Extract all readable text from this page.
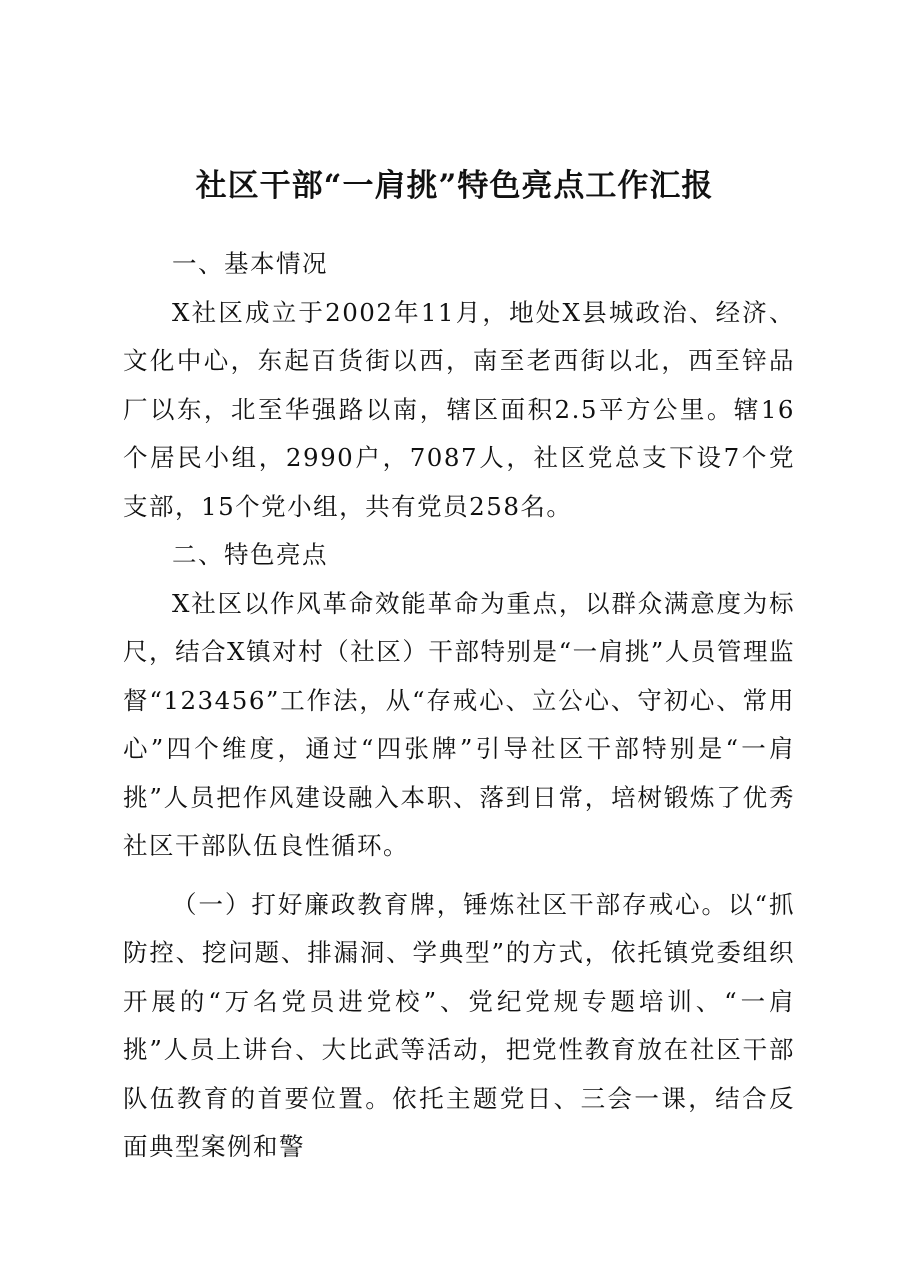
社区干部“一肩挑”特色亮点工作汇报

一、基本情况

X社区成立于2002年11月，地处X县城政治、经济、文化中心，东起百货街以西，南至老西街以北，西至锌品厂以东，北至华强路以南，辖区面积2.5平方公里。辖16个居民小组，2990户，7087人，社区党总支下设7个党支部，15个党小组，共有党员258名。

二、特色亮点

X社区以作风革命效能革命为重点，以群众满意度为标尺，结合X镇对村（社区）干部特别是“一肩挑”人员管理监督“123456”工作法，从“存戒心、立公心、守初心、常用心”四个维度，通过“四张牌”引导社区干部特别是“一肩挑”人员把作风建设融入本职、落到日常，培树锻炼了优秀社区干部队伍良性循环。

（一）打好廉政教育牌，锤炼社区干部存戒心。以“抓防控、挖问题、排漏洞、学典型”的方式，依托镇党委组织开展的“万名党员进党校”、党纪党规专题培训、“一肩挑”人员上讲台、大比武等活动，把党性教育放在社区干部队伍教育的首要位置。依托主题党日、三会一课，结合反面典型案例和警
